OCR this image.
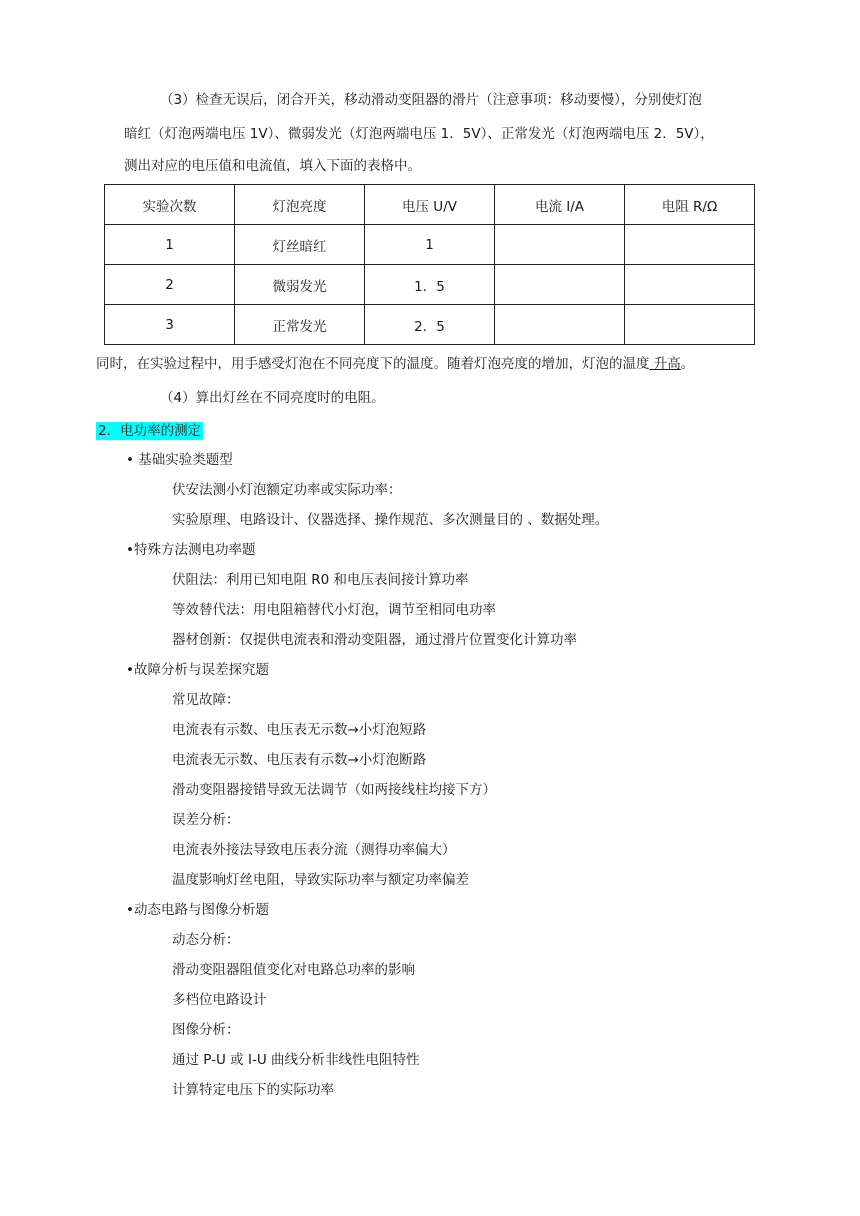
（3）检查无误后，闭合开关，移动滑动变阻器的滑片（注意事项：移动要慢），分别使灯泡
暗红（灯泡两端电压 1V）、微弱发光（灯泡两端电压 1．5V）、正常发光（灯泡两端电压 2．5V），
测出对应的电压值和电流值，填入下面的表格中。
实验次数	灯泡亮度	电压 U/V	电流 I/A	电阻 R/Ω
1	灯丝暗红	1		
2	微弱发光	1．5		
3	正常发光	2．5		
同时，在实验过程中，用手感受灯泡在不同亮度下的温度。随着灯泡亮度的增加，灯泡的温度 升高。
（4）算出灯丝在不同亮度时的电阻。
2．电功率的测定
• 基础实验类题型
伏安法测小灯泡额定功率或实际功率：
实验原理、电路设计、仪器选择、操作规范、多次测量目的 、数据处理。
•特殊方法测电功率题
伏阻法：利用已知电阻 R0 和电压表间接计算功率
等效替代法：用电阻箱替代小灯泡，调节至相同电功率
器材创新：仅提供电流表和滑动变阻器，通过滑片位置变化计算功率
•故障分析与误差探究题
常见故障：
电流表有示数、电压表无示数→小灯泡短路
电流表无示数、电压表有示数→小灯泡断路
滑动变阻器接错导致无法调节（如两接线柱均接下方）
误差分析：
电流表外接法导致电压表分流（测得功率偏大）
温度影响灯丝电阻，导致实际功率与额定功率偏差
•动态电路与图像分析题
动态分析：
滑动变阻器阻值变化对电路总功率的影响
多档位电路设计
图像分析：
通过 P-U 或 I-U 曲线分析非线性电阻特性
计算特定电压下的实际功率
